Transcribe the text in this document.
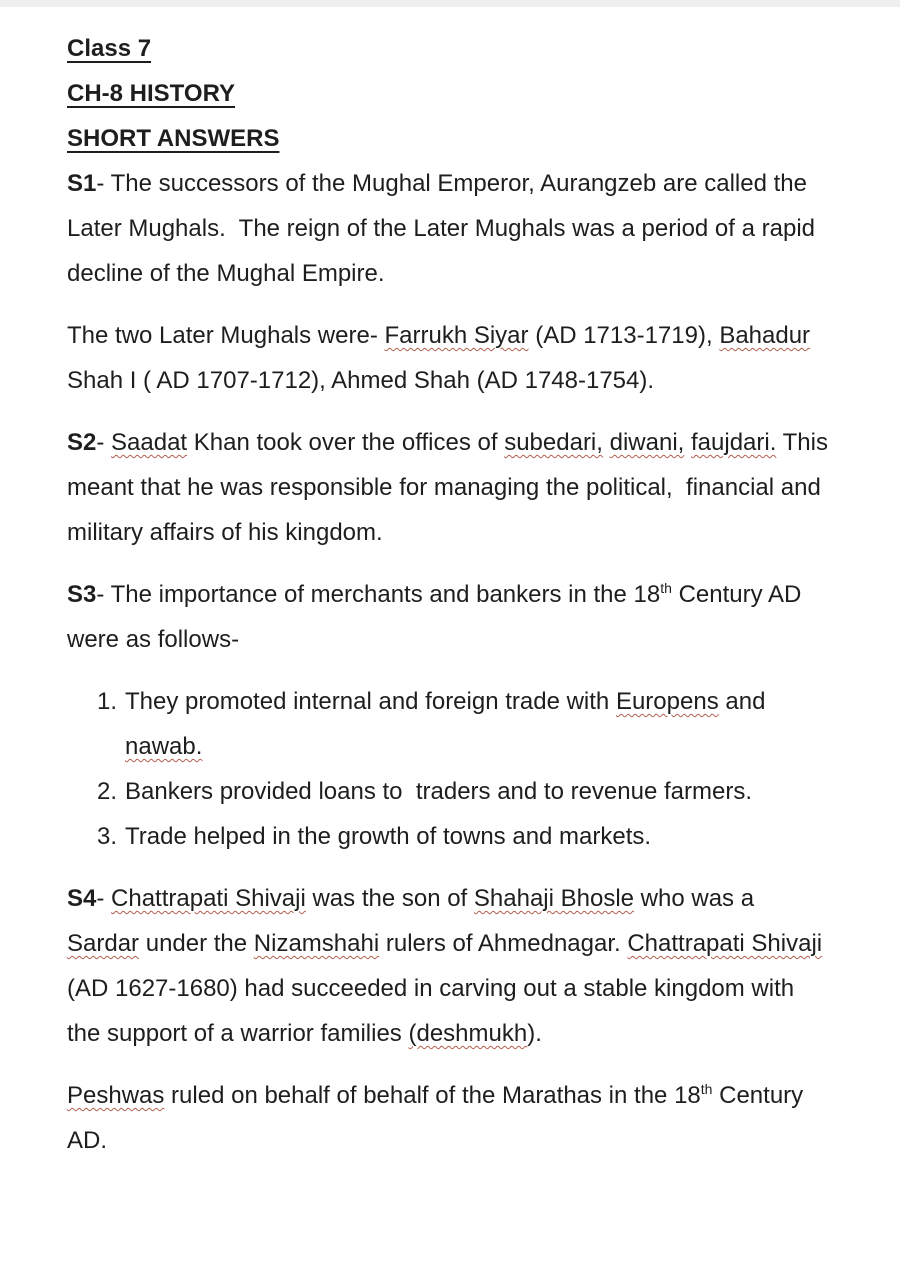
Class 7

CH-8 HISTORY

SHORT ANSWERS

S1- The successors of the Mughal Emperor, Aurangzeb are called the Later Mughals.  The reign of the Later Mughals was a period of a rapid decline of the Mughal Empire.

The two Later Mughals were- Farrukh Siyar (AD 1713-1719), Bahadur Shah I ( AD 1707-1712), Ahmed Shah (AD 1748-1754).

S2- Saadat Khan took over the offices of subedari, diwani, faujdari. This meant that he was responsible for managing the political,  financial and military affairs of his kingdom.

S3- The importance of merchants and bankers in the 18th Century AD were as follows-

1. They promoted internal and foreign trade with Europens and nawab.
2. Bankers provided loans to  traders and to revenue farmers.
3. Trade helped in the growth of towns and markets.

S4- Chattrapati Shivaji was the son of Shahaji Bhosle who was a Sardar under the Nizamshahi rulers of Ahmednagar. Chattrapati Shivaji (AD 1627-1680) had succeeded in carving out a stable kingdom with the support of a warrior families (deshmukh).

Peshwas ruled on behalf of behalf of the Marathas in the 18th Century AD.
